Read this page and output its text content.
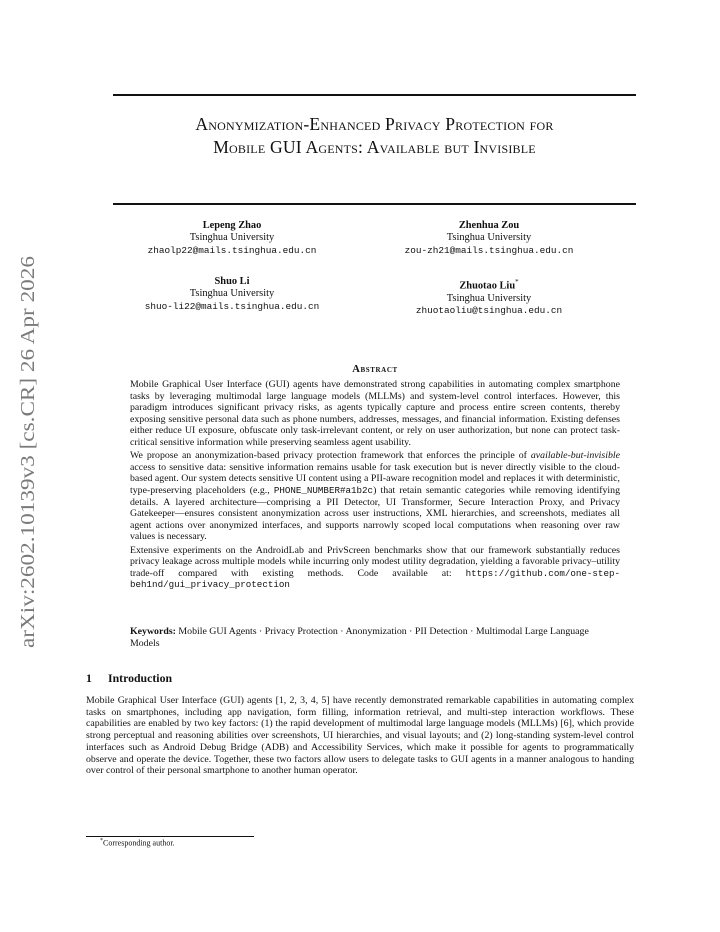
arXiv:2602.10139v3 [cs.CR] 26 Apr 2026
Anonymization-Enhanced Privacy Protection for
Mobile GUI Agents: Available but Invisible
Lepeng Zhao
Tsinghua University
zhaolp22@mails.tsinghua.edu.cn
Zhenhua Zou
Tsinghua University
zou-zh21@mails.tsinghua.edu.cn
Shuo Li
Tsinghua University
shuo-li22@mails.tsinghua.edu.cn
Zhuotao Liu*
Tsinghua University
zhuotaoliu@tsinghua.edu.cn
Abstract

Mobile Graphical User Interface (GUI) agents have demonstrated strong capabilities in automating complex smartphone tasks by leveraging multimodal large language models (MLLMs) and system-level control interfaces. However, this paradigm introduces significant privacy risks, as agents typically capture and process entire screen contents, thereby exposing sensitive personal data such as phone numbers, addresses, messages, and financial information. Existing defenses either reduce UI exposure, obfuscate only task-irrelevant content, or rely on user authorization, but none can protect task-critical sensitive information while preserving seamless agent usability.

We propose an anonymization-based privacy protection framework that enforces the principle of available-but-invisible access to sensitive data: sensitive information remains usable for task execution but is never directly visible to the cloud-based agent. Our system detects sensitive UI content using a PII-aware recognition model and replaces it with deterministic, type-preserving placeholders (e.g., PHONE_NUMBER#a1b2c) that retain semantic categories while removing identifying details. A layered architecture—comprising a PII Detector, UI Transformer, Secure Interaction Proxy, and Privacy Gatekeeper—ensures consistent anonymization across user instructions, XML hierarchies, and screenshots, mediates all agent actions over anonymized interfaces, and supports narrowly scoped local computations when reasoning over raw values is necessary.

Extensive experiments on the AndroidLab and PrivScreen benchmarks show that our framework substantially reduces privacy leakage across multiple models while incurring only modest utility degradation, yielding a favorable privacy–utility trade-off compared with existing methods. Code available at: https://github.com/one-step-beh1nd/gui_privacy_protection

Keywords: Mobile GUI Agents · Privacy Protection · Anonymization · PII Detection · Multimodal Large Language Models
1 Introduction

Mobile Graphical User Interface (GUI) agents [1, 2, 3, 4, 5] have recently demonstrated remarkable capabilities in automating complex tasks on smartphones, including app navigation, form filling, information retrieval, and multi-step interaction workflows. These capabilities are enabled by two key factors: (1) the rapid development of multimodal large language models (MLLMs) [6], which provide strong perceptual and reasoning abilities over screenshots, UI hierarchies, and visual layouts; and (2) long-standing system-level control interfaces such as Android Debug Bridge (ADB) and Accessibility Services, which make it possible for agents to programmatically observe and operate the device. Together, these two factors allow users to delegate tasks to GUI agents in a manner analogous to handing over control of their personal smartphone to another human operator.

*Corresponding author.
